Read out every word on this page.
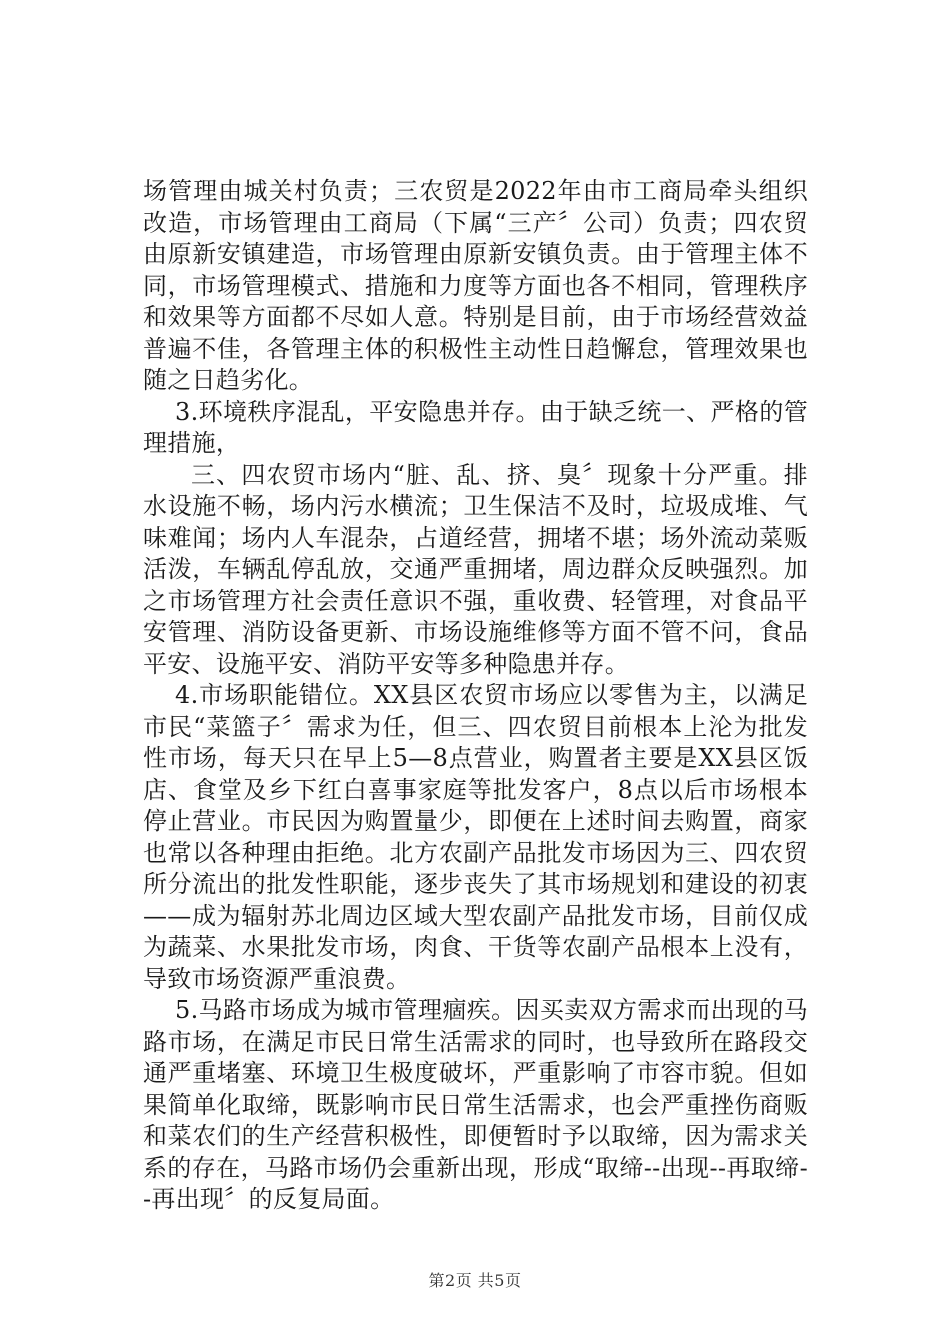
场管理由城关村负责；三农贸是2022年由市工商局牵头组织改造，市场管理由工商局（下属“三产〞公司）负责；四农贸由原新安镇建造，市场管理由原新安镇负责。由于管理主体不同，市场管理模式、措施和力度等方面也各不相同，管理秩序和效果等方面都不尽如人意。特别是目前，由于市场经营效益普遍不佳，各管理主体的积极性主动性日趋懈怠，管理效果也随之日趋劣化。

3.环境秩序混乱，平安隐患并存。由于缺乏统一、严格的管理措施，

三、四农贸市场内“脏、乱、挤、臭〞现象十分严重。排水设施不畅，场内污水横流；卫生保洁不及时，垃圾成堆、气味难闻；场内人车混杂，占道经营，拥堵不堪；场外流动菜贩活泼，车辆乱停乱放，交通严重拥堵，周边群众反映强烈。加之市场管理方社会责任意识不强，重收费、轻管理，对食品平安管理、消防设备更新、市场设施维修等方面不管不问，食品平安、设施平安、消防平安等多种隐患并存。

4.市场职能错位。XX县区农贸市场应以零售为主，以满足市民“菜篮子〞需求为任，但三、四农贸目前根本上沦为批发性市场，每天只在早上5—8点营业，购置者主要是XX县区饭店、食堂及乡下红白喜事家庭等批发客户，8点以后市场根本停止营业。市民因为购置量少，即便在上述时间去购置，商家也常以各种理由拒绝。北方农副产品批发市场因为三、四农贸所分流出的批发性职能，逐步丧失了其市场规划和建设的初衷——成为辐射苏北周边区域大型农副产品批发市场，目前仅成为蔬菜、水果批发市场，肉食、干货等农副产品根本上没有，导致市场资源严重浪费。

5.马路市场成为城市管理痼疾。因买卖双方需求而出现的马路市场，在满足市民日常生活需求的同时，也导致所在路段交通严重堵塞、环境卫生极度破坏，严重影响了市容市貌。但如果简单化取缔，既影响市民日常生活需求，也会严重挫伤商贩和菜农们的生产经营积极性，即便暂时予以取缔，因为需求关系的存在，马路市场仍会重新出现，形成“取缔--出现--再取缔--再出现〞的反复局面。

第2页 共5页
